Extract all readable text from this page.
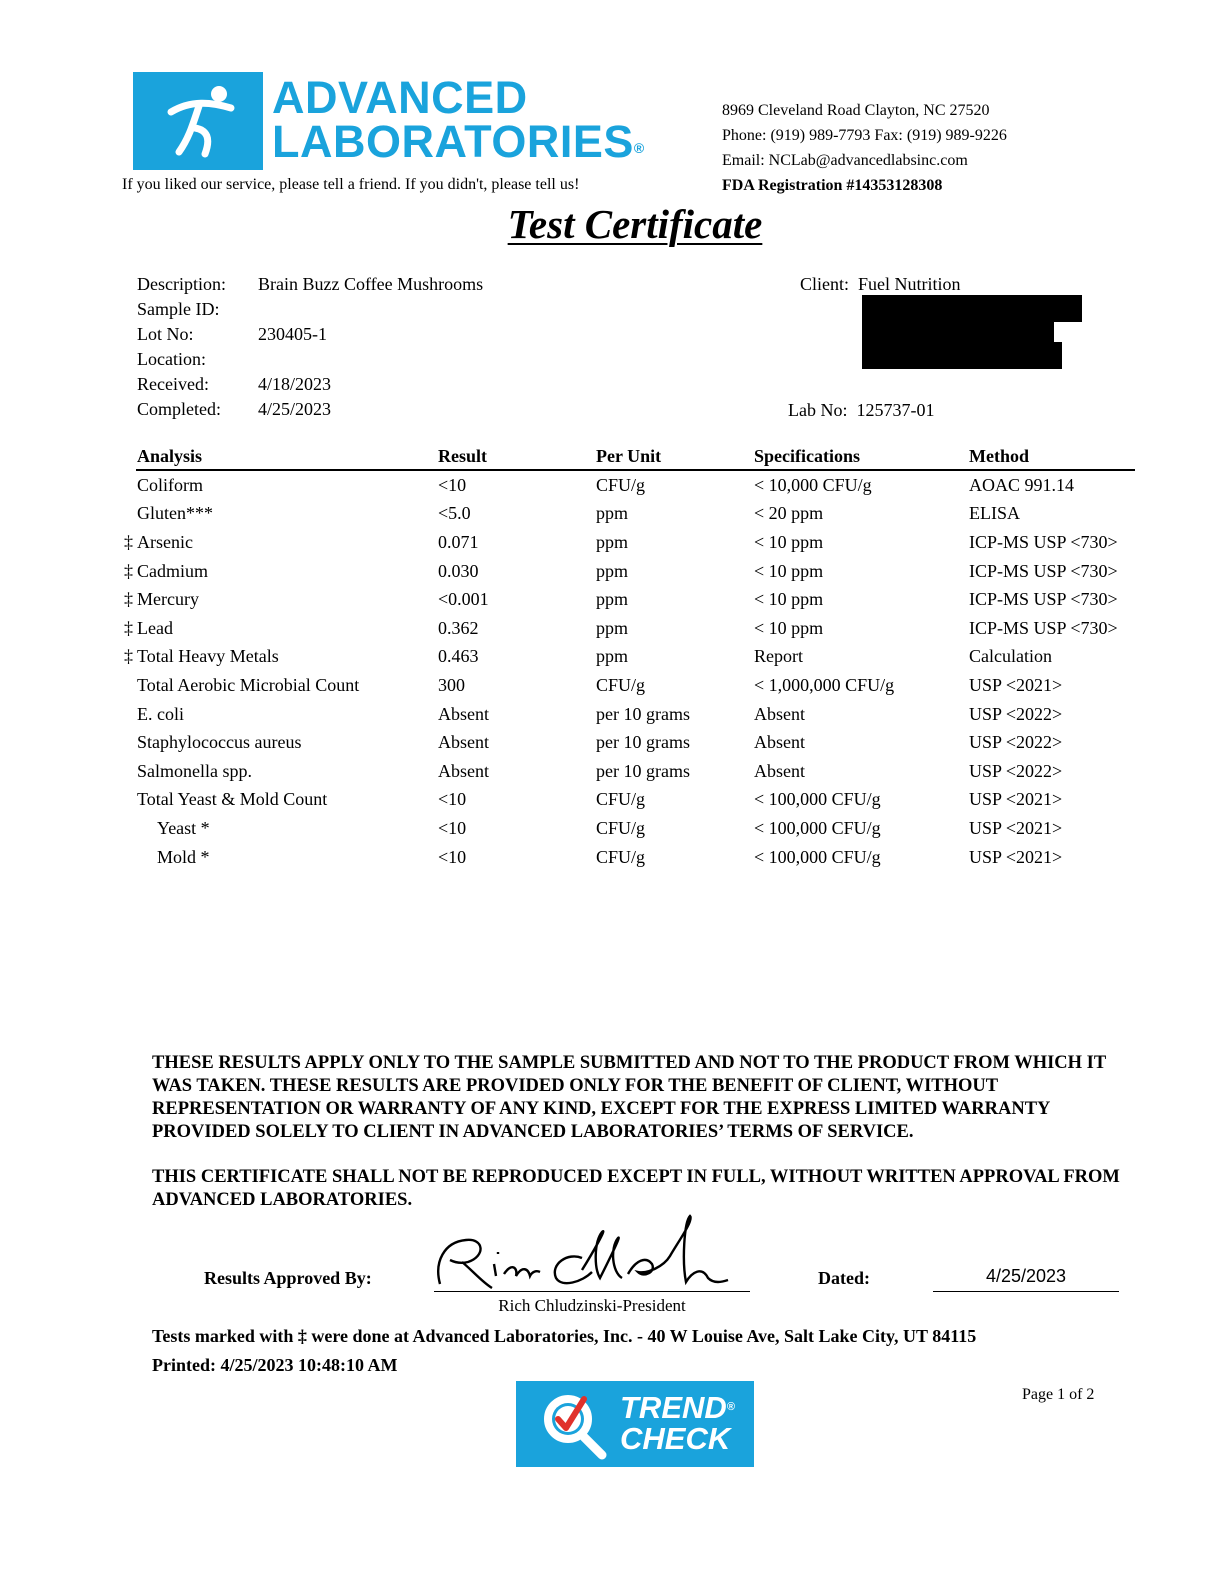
ADVANCED
LABORATORIES®
If you liked our service, please tell a friend. If you didn't, please tell us!
8969 Cleveland Road Clayton, NC 27520
Phone: (919) 989-7793 Fax: (919) 989-9226
Email: NCLab@advancedlabsinc.com
FDA Registration #14353128308
Test Certificate
Description: Brain Buzz Coffee Mushrooms
Sample ID:
Lot No:	230405-1
Location:
Received:	4/18/2023
Completed: 4/25/2023
Client: Fuel Nutrition
Lab No: 125737-01
Analysis	Result	Per Unit	Specifications	Method
Coliform	<10	CFU/g	< 10,000 CFU/g	AOAC 991.14
Gluten***	<5.0	ppm	< 20 ppm	ELISA

‡ Arsenic	0.071	ppm	< 10 ppm	ICP-MS USP <730>

‡ Cadmium	0.030	ppm	< 10 ppm	ICP-MS USP <730>

‡ Mercury	<0.001	ppm	< 10 ppm	ICP-MS USP <730>

‡ Lead	0.362	ppm	< 10 ppm	ICP-MS USP <730>

‡ Total Heavy Metals	0.463	ppm	Report	Calculation
Total Aerobic Microbial Count	300	CFU/g	< 1,000,000 CFU/g	USP <2021>
E. coli	Absent	per 10 grams	Absent	USP <2022>
Staphylococcus aureus	Absent	per 10 grams	Absent	USP <2022>
Salmonella spp.	Absent	per 10 grams	Absent	USP <2022>
Total Yeast & Mold Count	<10	CFU/g	< 100,000 CFU/g	USP <2021>
Yeast *	<10	CFU/g	< 100,000 CFU/g	USP <2021>
Mold *	<10	CFU/g	< 100,000 CFU/g	USP <2021>

THESE RESULTS APPLY ONLY TO THE SAMPLE SUBMITTED AND NOT TO THE PRODUCT FROM WHICH IT WAS TAKEN. THESE RESULTS ARE PROVIDED ONLY FOR THE BENEFIT OF CLIENT, WITHOUT REPRESENTATION OR WARRANTY OF ANY KIND, EXCEPT FOR THE EXPRESS LIMITED WARRANTY PROVIDED SOLELY TO CLIENT IN ADVANCED LABORATORIES’ TERMS OF SERVICE.

THIS CERTIFICATE SHALL NOT BE REPRODUCED EXCEPT IN FULL, WITHOUT WRITTEN APPROVAL FROM ADVANCED LABORATORIES.

Results Approved By:
Rich Chludzinski-President
Dated:	4/25/2023
Tests marked with ‡ were done at Advanced Laboratories, Inc. - 40 W Louise Ave, Salt Lake City, UT 84115
Printed: 4/25/2023 10:48:10 AM
Page 1 of 2
TREND®
CHECK
